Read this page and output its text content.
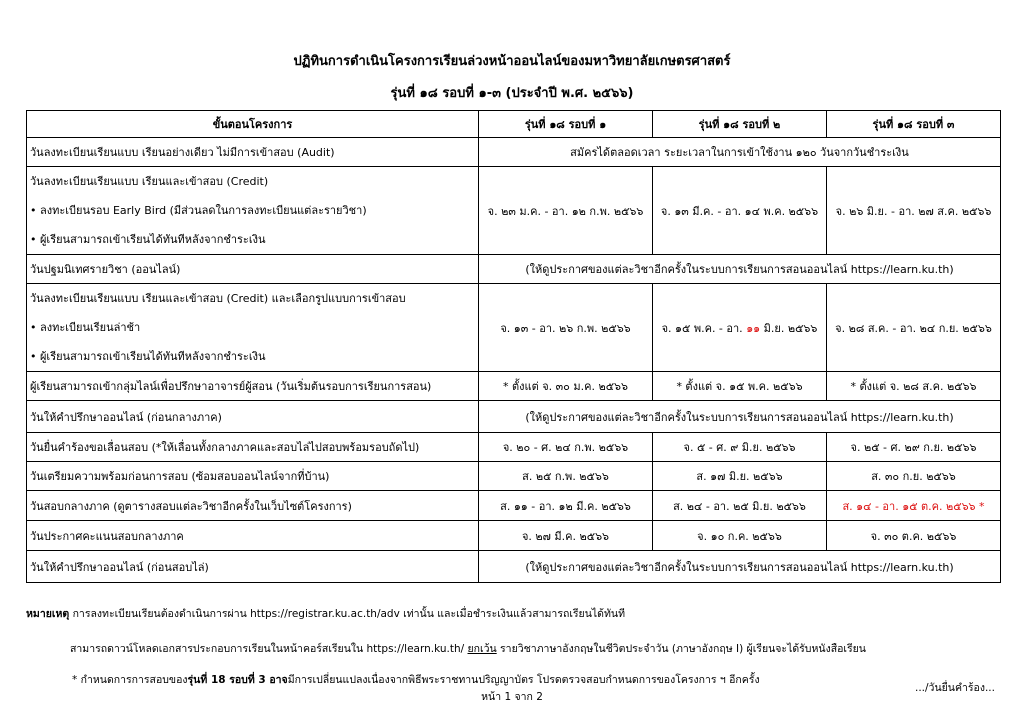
ปฏิทินการดำเนินโครงการเรียนล่วงหน้าออนไลน์ของมหาวิทยาลัยเกษตรศาสตร์
รุ่นที่ ๑๘ รอบที่ ๑-๓ (ประจำปี พ.ศ. ๒๕๖๖)
ขั้นตอนโครงการ	รุ่นที่ ๑๘ รอบที่ ๑	รุ่นที่ ๑๘ รอบที่ ๒	รุ่นที่ ๑๘ รอบที่ ๓
วันลงทะเบียนเรียนแบบ เรียนอย่างเดียว ไม่มีการเข้าสอบ (Audit)	สมัครได้ตลอดเวลา ระยะเวลาในการเข้าใช้งาน ๑๒๐ วันจากวันชำระเงิน		

วันลงทะเบียนเรียนแบบ เรียนและเข้าสอบ (Credit)
• ลงทะเบียนรอบ Early Bird (มีส่วนลดในการลงทะเบียนแต่ละรายวิชา)
• ผู้เรียนสามารถเข้าเรียนได้ทันทีหลังจากชำระเงิน	จ. ๒๓ ม.ค. - อา. ๑๒ ก.พ. ๒๕๖๖	จ. ๑๓ มี.ค. - อา. ๑๔ พ.ค. ๒๕๖๖	จ. ๒๖ มิ.ย. - อา. ๒๗ ส.ค. ๒๕๖๖
วันปฐมนิเทศรายวิชา (ออนไลน์)	(ให้ดูประกาศของแต่ละวิชาอีกครั้งในระบบการเรียนการสอนออนไลน์ https://learn.ku.th)		

วันลงทะเบียนเรียนแบบ เรียนและเข้าสอบ (Credit) และเลือกรูปแบบการเข้าสอบ
• ลงทะเบียนเรียนล่าช้า
• ผู้เรียนสามารถเข้าเรียนได้ทันทีหลังจากชำระเงิน	จ. ๑๓ - อา. ๒๖ ก.พ. ๒๕๖๖	จ. ๑๕ พ.ค. - อา. ๑๑ มิ.ย. ๒๕๖๖	จ. ๒๘ ส.ค. - อา. ๒๔ ก.ย. ๒๕๖๖
ผู้เรียนสามารถเข้ากลุ่มไลน์เพื่อปรึกษาอาจารย์ผู้สอน (วันเริ่มต้นรอบการเรียนการสอน)	* ตั้งแต่ จ. ๓๐ ม.ค. ๒๕๖๖	* ตั้งแต่ จ. ๑๕ พ.ค. ๒๕๖๖	* ตั้งแต่ จ. ๒๘ ส.ค. ๒๕๖๖
วันให้คำปรึกษาออนไลน์ (ก่อนกลางภาค)	(ให้ดูประกาศของแต่ละวิชาอีกครั้งในระบบการเรียนการสอนออนไลน์ https://learn.ku.th)		
วันยื่นคำร้องขอเลื่อนสอบ (*ให้เลื่อนทั้งกลางภาคและสอบไล่ไปสอบพร้อมรอบถัดไป)	จ. ๒๐ - ศ. ๒๔ ก.พ. ๒๕๖๖	จ. ๕ - ศ. ๙ มิ.ย. ๒๕๖๖	จ. ๒๕ - ศ. ๒๙ ก.ย. ๒๕๖๖
วันเตรียมความพร้อมก่อนการสอบ (ซ้อมสอบออนไลน์จากที่บ้าน)	ส. ๒๕ ก.พ. ๒๕๖๖	ส. ๑๗ มิ.ย. ๒๕๖๖	ส. ๓๐ ก.ย. ๒๕๖๖
วันสอบกลางภาค (ดูตารางสอบแต่ละวิชาอีกครั้งในเว็บไซต์โครงการ)	ส. ๑๑ - อา. ๑๒ มี.ค. ๒๕๖๖	ส. ๒๔ - อา. ๒๕ มิ.ย. ๒๕๖๖	ส. ๑๔ - อา. ๑๕ ต.ค. ๒๕๖๖ *
วันประกาศคะแนนสอบกลางภาค	จ. ๒๗ มี.ค. ๒๕๖๖	จ. ๑๐ ก.ค. ๒๕๖๖	จ. ๓๐ ต.ค. ๒๕๖๖
วันให้คำปรึกษาออนไลน์ (ก่อนสอบไล่)	(ให้ดูประกาศของแต่ละวิชาอีกครั้งในระบบการเรียนการสอนออนไลน์ https://learn.ku.th)		
หมายเหตุ การลงทะเบียนเรียนต้องดำเนินการผ่าน https://registrar.ku.ac.th/adv เท่านั้น และเมื่อชำระเงินแล้วสามารถเรียนได้ทันที
สามารถดาวน์โหลดเอกสารประกอบการเรียนในหน้าคอร์สเรียนใน https://learn.ku.th/ ยกเว้น รายวิชาภาษาอังกฤษในชีวิตประจำวัน (ภาษาอังกฤษ I) ผู้เรียนจะได้รับหนังสือเรียน
* กำหนดการการสอบของรุ่นที่ 18 รอบที่ 3 อาจมีการเปลี่ยนแปลงเนื่องจากพิธีพระราชทานปริญญาบัตร โปรดตรวจสอบกำหนดการของโครงการ ฯ อีกครั้ง
.../วันยื่นคำร้อง...
หน้า 1 จาก 2
